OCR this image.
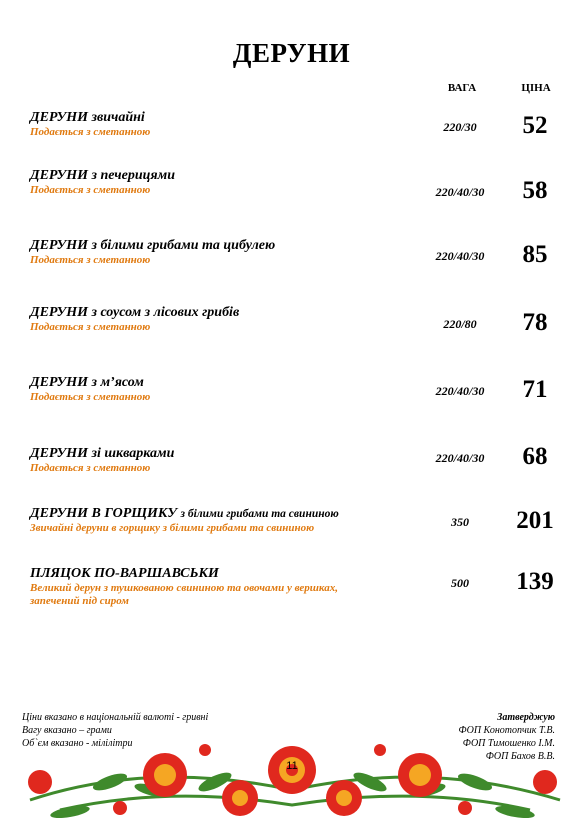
ДЕРУНИ
ВАГА	ЦІНА
ДЕРУНИ звичайні
Подається з сметанною	220/30	52
ДЕРУНИ з печерицями
Подається з сметанною	220/40/30	58
ДЕРУНИ з білими грибами та цибулею
Подається з сметанною	220/40/30	85
ДЕРУНИ з соусом з лісових грибів
Подається з сметанною	220/80	78
ДЕРУНИ з м’ясом
Подається з сметанною	220/40/30	71
ДЕРУНИ зі шкварками
Подається з сметанною
220/40/30	68
ДЕРУНИ В ГОРЩИКУ з білими грибами та свининою
Звичайні деруни в горщику з білими грибами та свининою	350	201
ПЛЯЦОК ПО-ВАРШАВСЬКИ
Великий дерун з тушкованою свининою та овочами у вершках,
запечений під сиром
500	139
Ціни вказано в національній валюті - гривні
Вагу вказано – грами
Об`єм вказано - мілілітри
Затверджую
ФОП Конотопчик Т.В.
ФОП Тимошенко І.М.
ФОП Бахов В.В.
11
